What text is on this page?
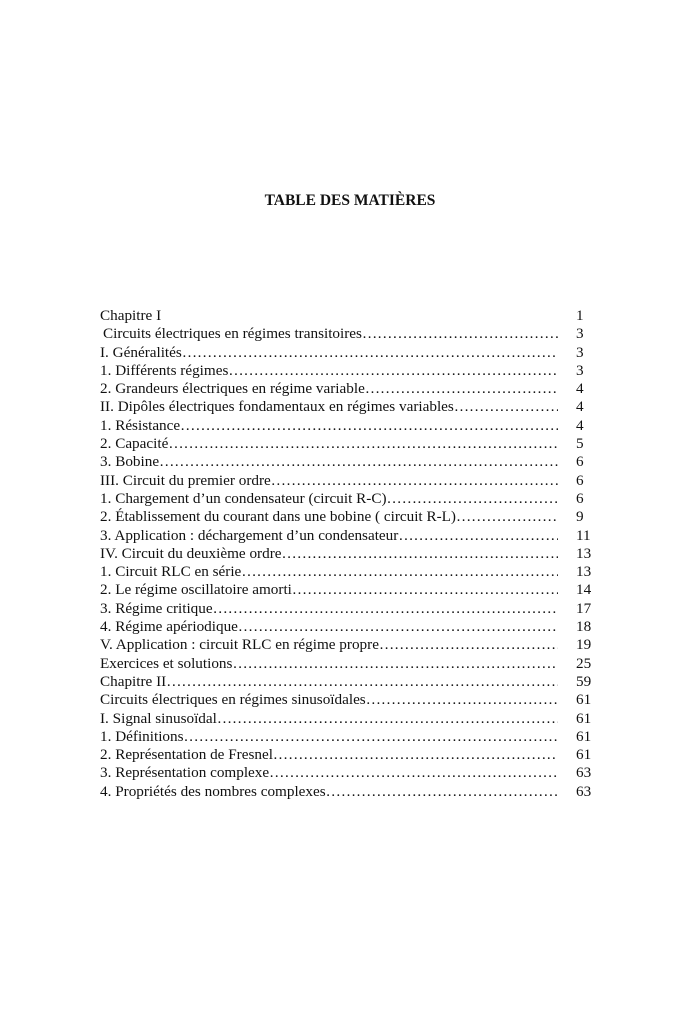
TABLE DES MATIÈRES
Chapitre I	1
Circuits électriques en régimes transitoires ……………………………………………………………………………………………………	3
I. Généralités ……………………………………………………………………………………………………	3
1. Différents régimes ……………………………………………………………………………………………………	3
2. Grandeurs électriques en régime variable ……………………………………………………………………………………………………	4
II. Dipôles électriques fondamentaux en régimes variables ……………………………………………………………………………………………………	4
1. Résistance ……………………………………………………………………………………………………	4
2. Capacité ……………………………………………………………………………………………………	5
3. Bobine ……………………………………………………………………………………………………	6
III. Circuit du premier ordre ……………………………………………………………………………………………………	6
1. Chargement d’un condensateur (circuit R-C) ……………………………………………………………………………………………………	6
2. Établissement du courant dans une bobine ( circuit R-L) ……………………………………………………………………………………………………	9
3. Application : déchargement d’un condensateur ……………………………………………………………………………………………………	11
IV. Circuit du deuxième ordre ……………………………………………………………………………………………………	13
1. Circuit RLC en série ……………………………………………………………………………………………………	13
2. Le régime oscillatoire amorti ……………………………………………………………………………………………………	14
3. Régime critique ……………………………………………………………………………………………………	17
4. Régime apériodique ……………………………………………………………………………………………………	18
V. Application : circuit RLC en régime propre ……………………………………………………………………………………………………	19
Exercices et solutions ……………………………………………………………………………………………………	25
Chapitre II ……………………………………………………………………………………………………	59
Circuits électriques en régimes sinusoïdales ……………………………………………………………………………………………………	61
I. Signal sinusoïdal ……………………………………………………………………………………………………	61
1. Définitions ……………………………………………………………………………………………………	61
2. Représentation de Fresnel ……………………………………………………………………………………………………	61
3. Représentation complexe ……………………………………………………………………………………………………	63
4. Propriétés des nombres complexes ……………………………………………………………………………………………………	63
